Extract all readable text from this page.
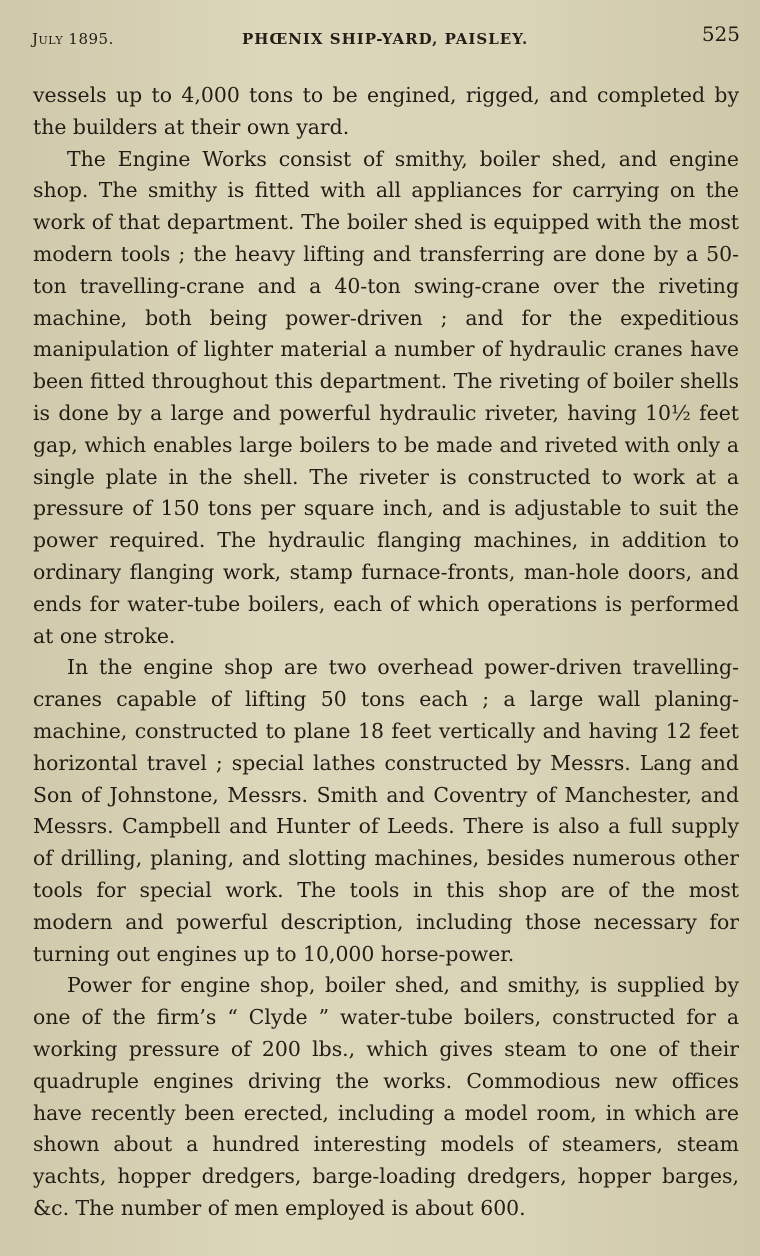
July 1895.	PHŒNIX SHIP-YARD, PAISLEY.	525

vessels up to 4,000 tons to be engined, rigged, and completed by the builders at their own yard.

The Engine Works consist of smithy, boiler shed, and engine shop. The smithy is fitted with all appliances for carrying on the work of that department. The boiler shed is equipped with the most modern tools ; the heavy lifting and transferring are done by a 50-ton travelling-crane and a 40-ton swing-crane over the riveting machine, both being power-driven ; and for the expeditious manipulation of lighter material a number of hydraulic cranes have been fitted throughout this department. The riveting of boiler shells is done by a large and powerful hydraulic riveter, having 10½ feet gap, which enables large boilers to be made and riveted with only a single plate in the shell. The riveter is constructed to work at a pressure of 150 tons per square inch, and is adjustable to suit the power required. The hydraulic flanging machines, in addition to ordinary flanging work, stamp furnace-fronts, man-hole doors, and ends for water-tube boilers, each of which operations is performed at one stroke.

In the engine shop are two overhead power-driven travelling-cranes capable of lifting 50 tons each ; a large wall planing-machine, constructed to plane 18 feet vertically and having 12 feet horizontal travel ; special lathes constructed by Messrs. Lang and Son of Johnstone, Messrs. Smith and Coventry of Manchester, and Messrs. Campbell and Hunter of Leeds. There is also a full supply of drilling, planing, and slotting machines, besides numerous other tools for special work. The tools in this shop are of the most modern and powerful description, including those necessary for turning out engines up to 10,000 horse-power.

Power for engine shop, boiler shed, and smithy, is supplied by one of the firm’s “ Clyde ” water-tube boilers, constructed for a working pressure of 200 lbs., which gives steam to one of their quadruple engines driving the works. Commodious new offices have recently been erected, including a model room, in which are shown about a hundred interesting models of steamers, steam yachts, hopper dredgers, barge-loading dredgers, hopper barges, &c. The number of men employed is about 600.
